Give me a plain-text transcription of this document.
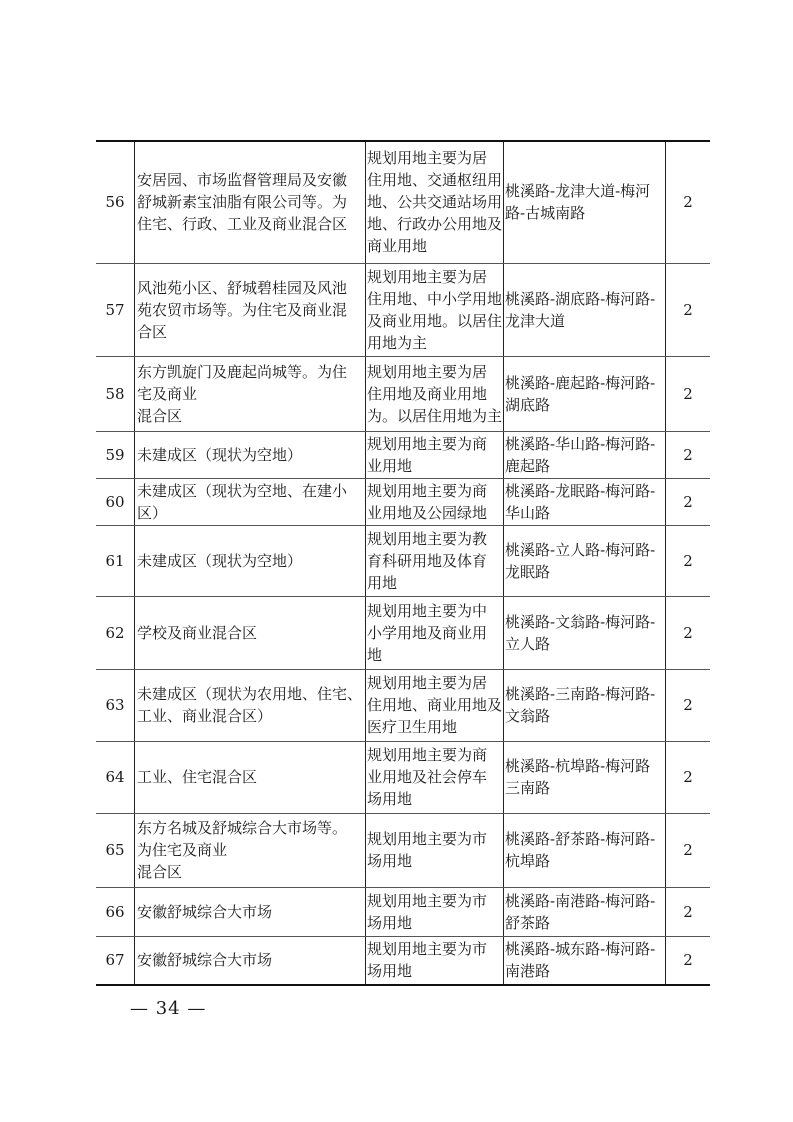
56	安居园、市场监督管理局及安徽
舒城新素宝油脂有限公司等。为
住宅、行政、工业及商业混合区	规划用地主要为居
住用地、交通枢纽用
地、公共交通站场用
地、行政办公用地及
商业用地	桃溪路-龙津大道-梅河
路-古城南路	2
57	风池苑小区、舒城碧桂园及风池
苑农贸市场等。为住宅及商业混
合区	规划用地主要为居
住用地、中小学用地
及商业用地。以居住
用地为主	桃溪路-湖底路-梅河路-
龙津大道	2
58	东方凯旋门及鹿起尚城等。为住
宅及商业
混合区	规划用地主要为居
住用地及商业用地
为。以居住用地为主	桃溪路-鹿起路-梅河路-
湖底路	2
59	未建成区（现状为空地）	规划用地主要为商
业用地	桃溪路-华山路-梅河路-
鹿起路	2
60	未建成区（现状为空地、在建小
区）	规划用地主要为商
业用地及公园绿地	桃溪路-龙眠路-梅河路-
华山路	2
61	未建成区（现状为空地）	规划用地主要为教
育科研用地及体育
用地	桃溪路-立人路-梅河路-
龙眠路	2
62	学校及商业混合区	规划用地主要为中
小学用地及商业用
地	桃溪路-文翁路-梅河路-
立人路	2
63	未建成区（现状为农用地、住宅、
工业、商业混合区）	规划用地主要为居
住用地、商业用地及
医疗卫生用地	桃溪路-三南路-梅河路-
文翁路	2
64	工业、住宅混合区	规划用地主要为商
业用地及社会停车
场用地	桃溪路-杭埠路-梅河路
三南路	2
65	东方名城及舒城综合大市场等。
为住宅及商业
混合区	规划用地主要为市
场用地	桃溪路-舒茶路-梅河路-
杭埠路	2
66	安徽舒城综合大市场	规划用地主要为市
场用地	桃溪路-南港路-梅河路-
舒茶路	2
67	安徽舒城综合大市场	规划用地主要为市
场用地	桃溪路-城东路-梅河路-
南港路	2
— 34 —
